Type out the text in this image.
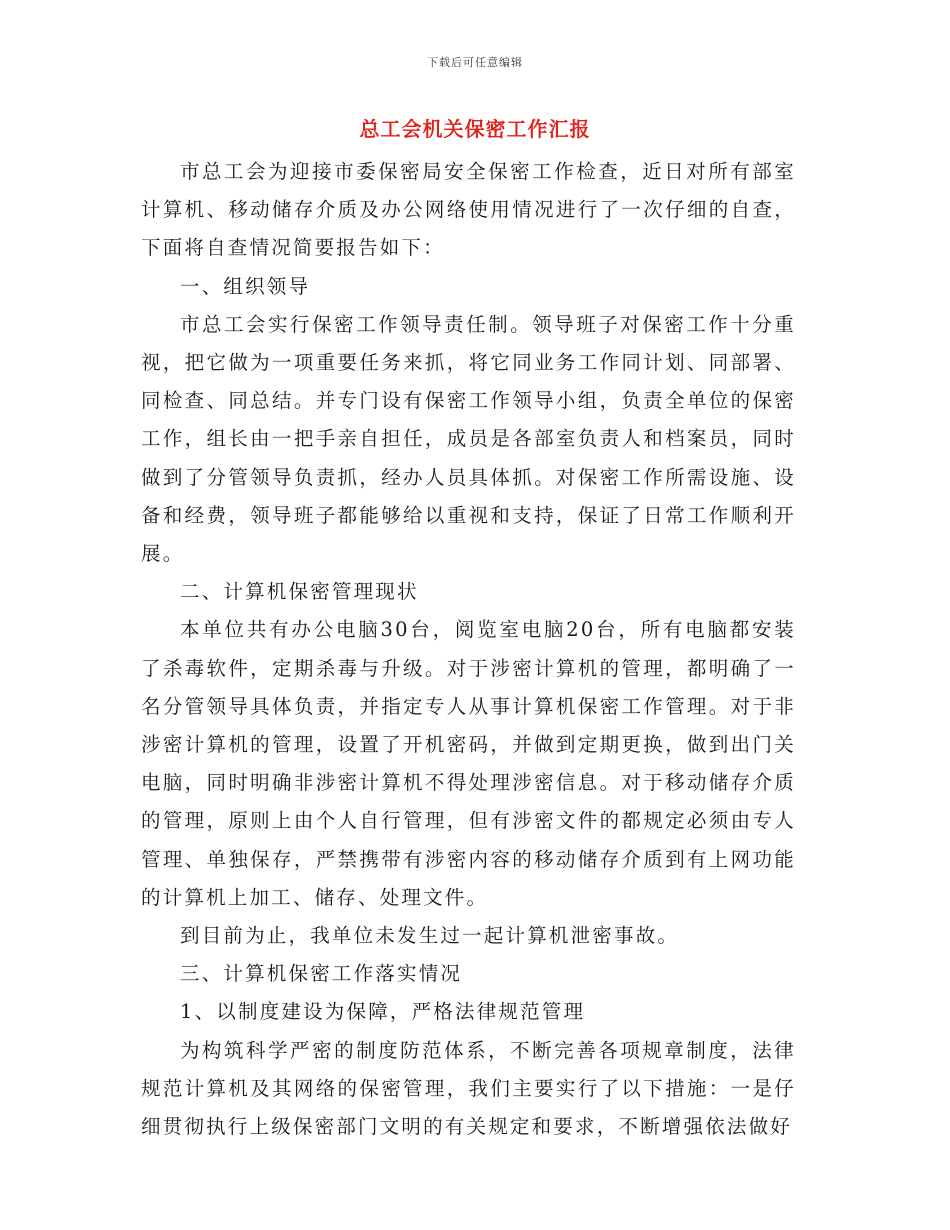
下载后可任意编辑
总工会机关保密工作汇报

市总工会为迎接市委保密局安全保密工作检查，近日对所有部室计算机、移动储存介质及办公网络使用情况进行了一次仔细的自查，下面将自查情况简要报告如下：

一、组织领导

市总工会实行保密工作领导责任制。领导班子对保密工作十分重视，把它做为一项重要任务来抓，将它同业务工作同计划、同部署、同检查、同总结。并专门设有保密工作领导小组，负责全单位的保密工作，组长由一把手亲自担任，成员是各部室负责人和档案员，同时做到了分管领导负责抓，经办人员具体抓。对保密工作所需设施、设备和经费，领导班子都能够给以重视和支持，保证了日常工作顺利开展。

二、计算机保密管理现状

本单位共有办公电脑30台，阅览室电脑20台，所有电脑都安装了杀毒软件，定期杀毒与升级。对于涉密计算机的管理，都明确了一名分管领导具体负责，并指定专人从事计算机保密工作管理。对于非涉密计算机的管理，设置了开机密码，并做到定期更换，做到出门关电脑，同时明确非涉密计算机不得处理涉密信息。对于移动储存介质的管理，原则上由个人自行管理，但有涉密文件的都规定必须由专人管理、单独保存，严禁携带有涉密内容的移动储存介质到有上网功能的计算机上加工、储存、处理文件。

到目前为止，我单位未发生过一起计算机泄密事故。

三、计算机保密工作落实情况

1、以制度建设为保障，严格法律规范管理

为构筑科学严密的制度防范体系，不断完善各项规章制度，法律规范计算机及其网络的保密管理，我们主要实行了以下措施：一是仔细贯彻执行上级保密部门文明的有关规定和要求，不断增强依法做好
